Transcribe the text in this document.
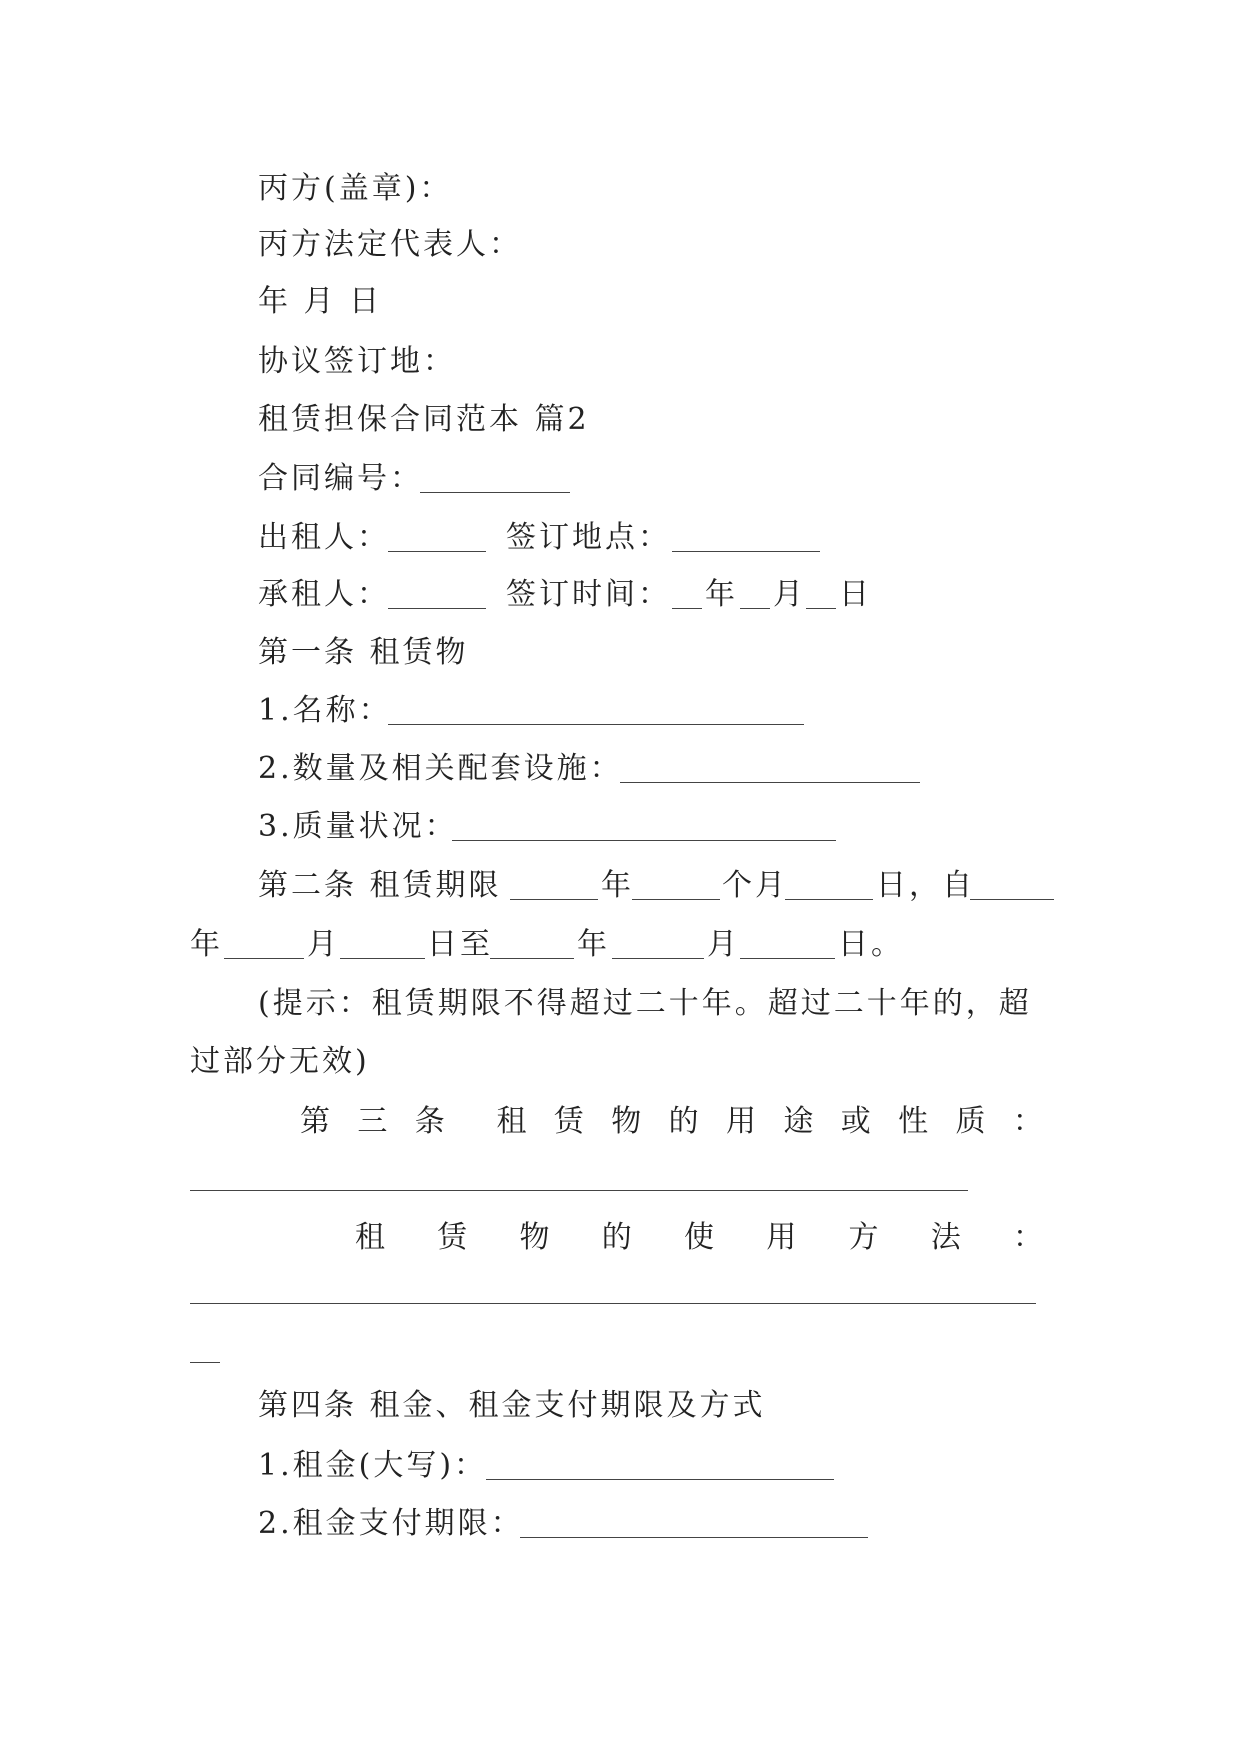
丙方(盖章)：
丙方法定代表人：
年 月 日
协议签订地：
租赁担保合同范本 篇2
合同编号：
出租人：	签订地点：
承租人：	签订时间： 年 月 日
第一条 租赁物
1.名称：
2.数量及相关配套设施：
3.质量状况：
第二条 租赁期限	年	个月	日，自
年	月	日至	年	月	日。
(提示：租赁期限不得超过二十年。超过二十年的，超
过部分无效)
第 三 条 租 赁 物 的 用 途 或 性 质 ：
租 赁 物 的 使 用 方 法 ：
第四条 租金、租金支付期限及方式
1.租金(大写)：
2.租金支付期限：
